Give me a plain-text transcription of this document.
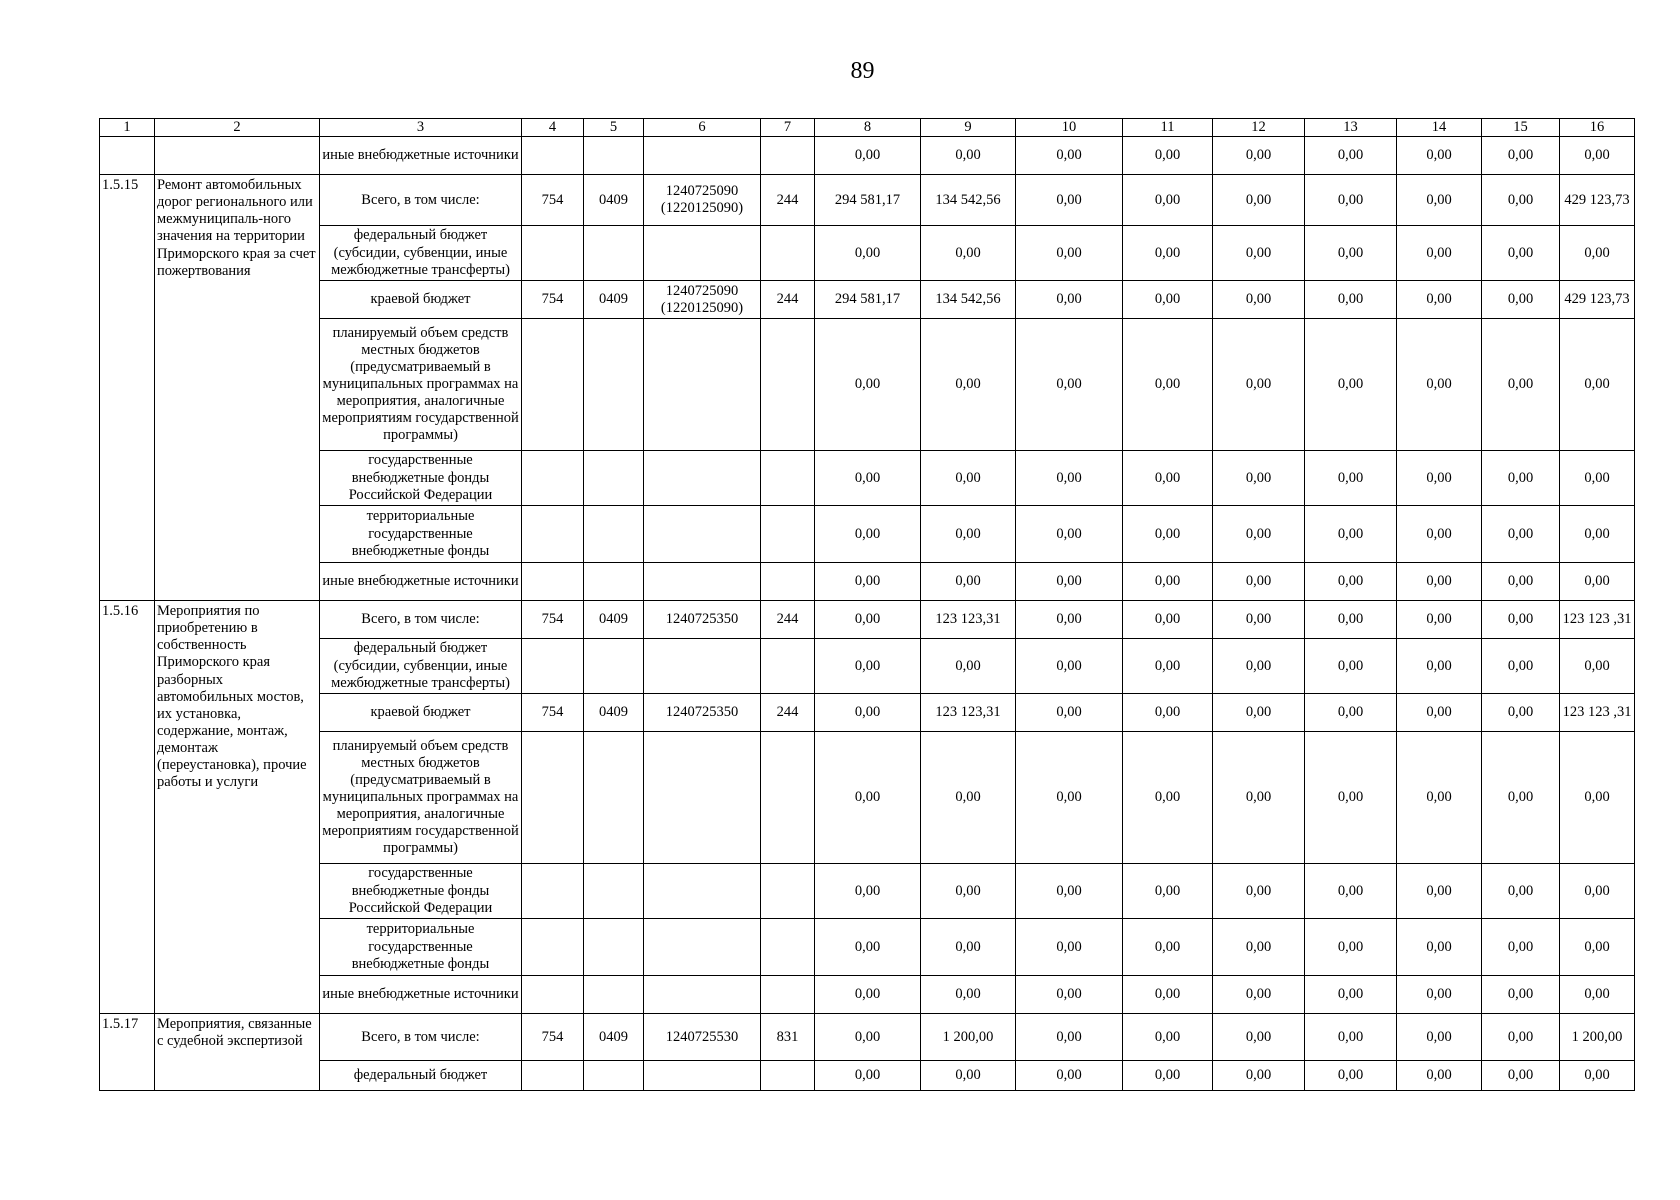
89
1	2	3	4	5	6	7	8	9	10	11	12	13	14	15	16
		иные внебюджетные источники					0,00	0,00	0,00	0,00	0,00	0,00	0,00	0,00	0,00
1.5.15	Ремонт автомобильных дорог регионального или межмуниципаль-ного значения на территории Приморского края за счет пожертвования	Всего, в том числе:	754	0409	1240725090 (1220125090)	244	294 581,17	134 542,56	0,00	0,00	0,00	0,00	0,00	0,00	429 123,73
		федеральный бюджет (субсидии, субвенции, иные межбюджетные трансферты)					0,00	0,00	0,00	0,00	0,00	0,00	0,00	0,00	0,00
		краевой бюджет	754	0409	1240725090 (1220125090)	244	294 581,17	134 542,56	0,00	0,00	0,00	0,00	0,00	0,00	429 123,73
		планируемый объем средств местных бюджетов (предусматриваемый в муниципальных программах на мероприятия, аналогичные мероприятиям государственной программы)					0,00	0,00	0,00	0,00	0,00	0,00	0,00	0,00	0,00
		государственные внебюджетные фонды Российской Федерации					0,00	0,00	0,00	0,00	0,00	0,00	0,00	0,00	0,00
		территориальные государственные внебюджетные фонды					0,00	0,00	0,00	0,00	0,00	0,00	0,00	0,00	0,00
		иные внебюджетные источники					0,00	0,00	0,00	0,00	0,00	0,00	0,00	0,00	0,00
1.5.16	Мероприятия по приобретению в собственность Приморского края разборных автомобильных мостов, их установка, содержание, монтаж, демонтаж (переустановка), прочие работы и услуги	Всего, в том числе:	754	0409	1240725350	244	0,00	123 123,31	0,00	0,00	0,00	0,00	0,00	0,00	123 123 ,31
		федеральный бюджет (субсидии, субвенции, иные межбюджетные трансферты)					0,00	0,00	0,00	0,00	0,00	0,00	0,00	0,00	0,00
		краевой бюджет	754	0409	1240725350	244	0,00	123 123,31	0,00	0,00	0,00	0,00	0,00	0,00	123 123 ,31
		планируемый объем средств местных бюджетов (предусматриваемый в муниципальных программах на мероприятия, аналогичные мероприятиям государственной программы)					0,00	0,00	0,00	0,00	0,00	0,00	0,00	0,00	0,00
		государственные внебюджетные фонды Российской Федерации					0,00	0,00	0,00	0,00	0,00	0,00	0,00	0,00	0,00
		территориальные государственные внебюджетные фонды					0,00	0,00	0,00	0,00	0,00	0,00	0,00	0,00	0,00
		иные внебюджетные источники					0,00	0,00	0,00	0,00	0,00	0,00	0,00	0,00	0,00
1.5.17	Мероприятия, связанные с судебной экспертизой	Всего, в том числе:	754	0409	1240725530	831	0,00	1 200,00	0,00	0,00	0,00	0,00	0,00	0,00	1 200,00
		федеральный бюджет					0,00	0,00	0,00	0,00	0,00	0,00	0,00	0,00	0,00
